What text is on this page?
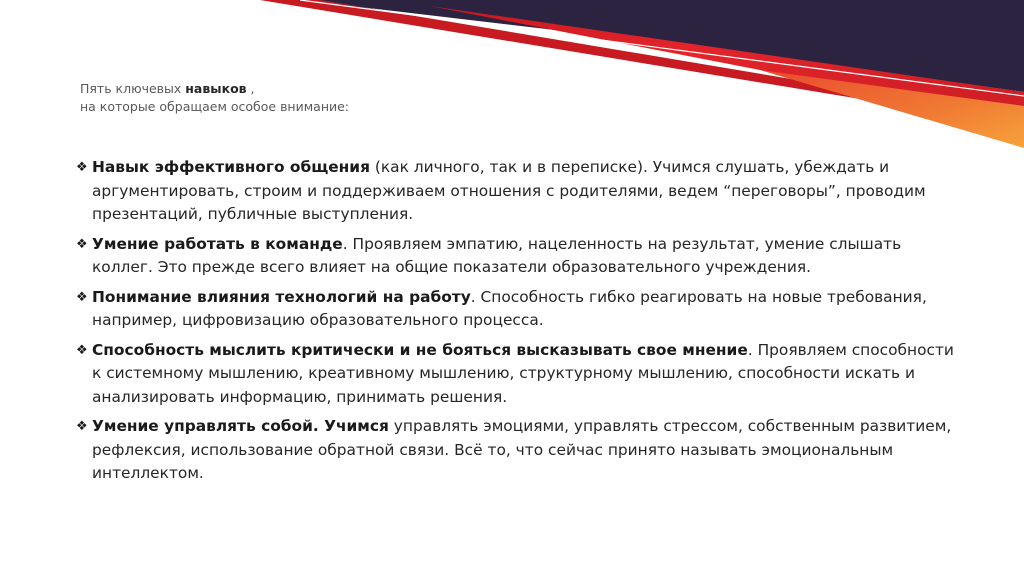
Пять ключевых навыков ,
на которые обращаем особое внимание:
❖ Навык эффективного общения (как личного, так и в переписке). Учимся слушать, убеждать и аргументировать, строим и поддерживаем отношения с родителями, ведем “переговоры”, проводим презентаций, публичные выступления.
❖ Умение работать в команде. Проявляем эмпатию, нацеленность на результат, умение слышать коллег. Это прежде всего влияет на общие показатели образовательного учреждения.
❖ Понимание влияния технологий на работу. Способность гибко реагировать на новые требования, например, цифровизацию образовательного процесса.
❖ Способность мыслить критически и не бояться высказывать свое мнение. Проявляем способности к системному мышлению, креативному мышлению, структурному мышлению, способности искать и анализировать информацию, принимать решения.
❖ Умение управлять собой. Учимся управлять эмоциями, управлять стрессом, собственным развитием, рефлексия, использование обратной связи. Всё то, что сейчас принято называть эмоциональным интеллектом.
